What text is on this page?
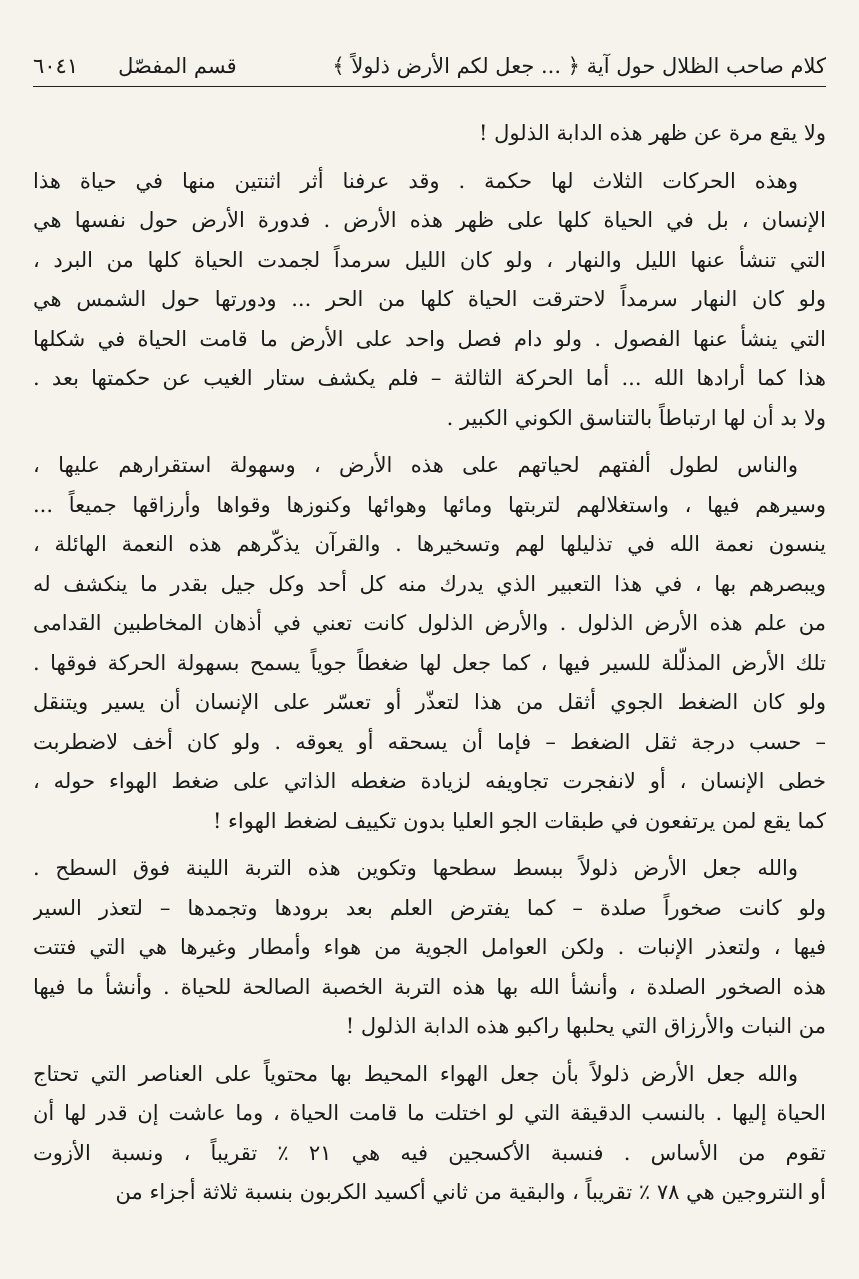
كلام صاحب الظلال حول آية ﴿ ... جعل لكم الأرض ذلولاً ﴾
قسم المفصّل
٦٠٤١
ولا يقع مرة عن ظهر هذه الدابة الذلول !
وهذه الحركات الثلاث لها حكمة . وقد عرفنا أثر اثنتين منها في حياة هذا
الإنسان ، بل في الحياة كلها على ظهر هذه الأرض . فدورة الأرض حول نفسها هي
التي تنشأ عنها الليل والنهار ، ولو كان الليل سرمداً لجمدت الحياة كلها من البرد ،
ولو كان النهار سرمداً لاحترقت الحياة كلها من الحر ... ودورتها حول الشمس هي
التي ينشأ عنها الفصول . ولو دام فصل واحد على الأرض ما قامت الحياة في شكلها
هذا كما أرادها الله ... أما الحركة الثالثة – فلم يكشف ستار الغيب عن حكمتها بعد .
ولا بد أن لها ارتباطاً بالتناسق الكوني الكبير .
والناس لطول ألفتهم لحياتهم على هذه الأرض ، وسهولة استقرارهم عليها ،
وسيرهم فيها ، واستغلالهم لتربتها ومائها وهوائها وكنوزها وقواها وأرزاقها جميعاً ...
ينسون نعمة الله في تذليلها لهم وتسخيرها . والقرآن يذكّرهم هذه النعمة الهائلة ،
ويبصرهم بها ، في هذا التعبير الذي يدرك منه كل أحد وكل جيل بقدر ما ينكشف له
من علم هذه الأرض الذلول . والأرض الذلول كانت تعني في أذهان المخاطبين القدامى
تلك الأرض المذلّلة للسير فيها ، كما جعل لها ضغطاً جوياً يسمح بسهولة الحركة فوقها .
ولو كان الضغط الجوي أثقل من هذا لتعذّر أو تعسّر على الإنسان أن يسير ويتنقل
– حسب درجة ثقل الضغط – فإما أن يسحقه أو يعوقه . ولو كان أخف لاضطربت
خطى الإنسان ، أو لانفجرت تجاويفه لزيادة ضغطه الذاتي على ضغط الهواء حوله ،
كما يقع لمن يرتفعون في طبقات الجو العليا بدون تكييف لضغط الهواء !
والله جعل الأرض ذلولاً ببسط سطحها وتكوين هذه التربة اللينة فوق السطح .
ولو كانت صخوراً صلدة – كما يفترض العلم بعد برودها وتجمدها – لتعذر السير
فيها ، ولتعذر الإنبات . ولكن العوامل الجوية من هواء وأمطار وغيرها هي التي فتتت
هذه الصخور الصلدة ، وأنشأ الله بها هذه التربة الخصبة الصالحة للحياة . وأنشأ ما فيها
من النبات والأرزاق التي يحلبها راكبو هذه الدابة الذلول !
والله جعل الأرض ذلولاً بأن جعل الهواء المحيط بها محتوياً على العناصر التي تحتاج
الحياة إليها . بالنسب الدقيقة التي لو اختلت ما قامت الحياة ، وما عاشت إن قدر لها أن
تقوم من الأساس . فنسبة الأكسجين فيه هي ٢١ ٪ تقريباً ، ونسبة الأزوت
أو النتروجين هي ٧٨ ٪ تقريباً ، والبقية من ثاني أكسيد الكربون بنسبة ثلاثة أجزاء من
